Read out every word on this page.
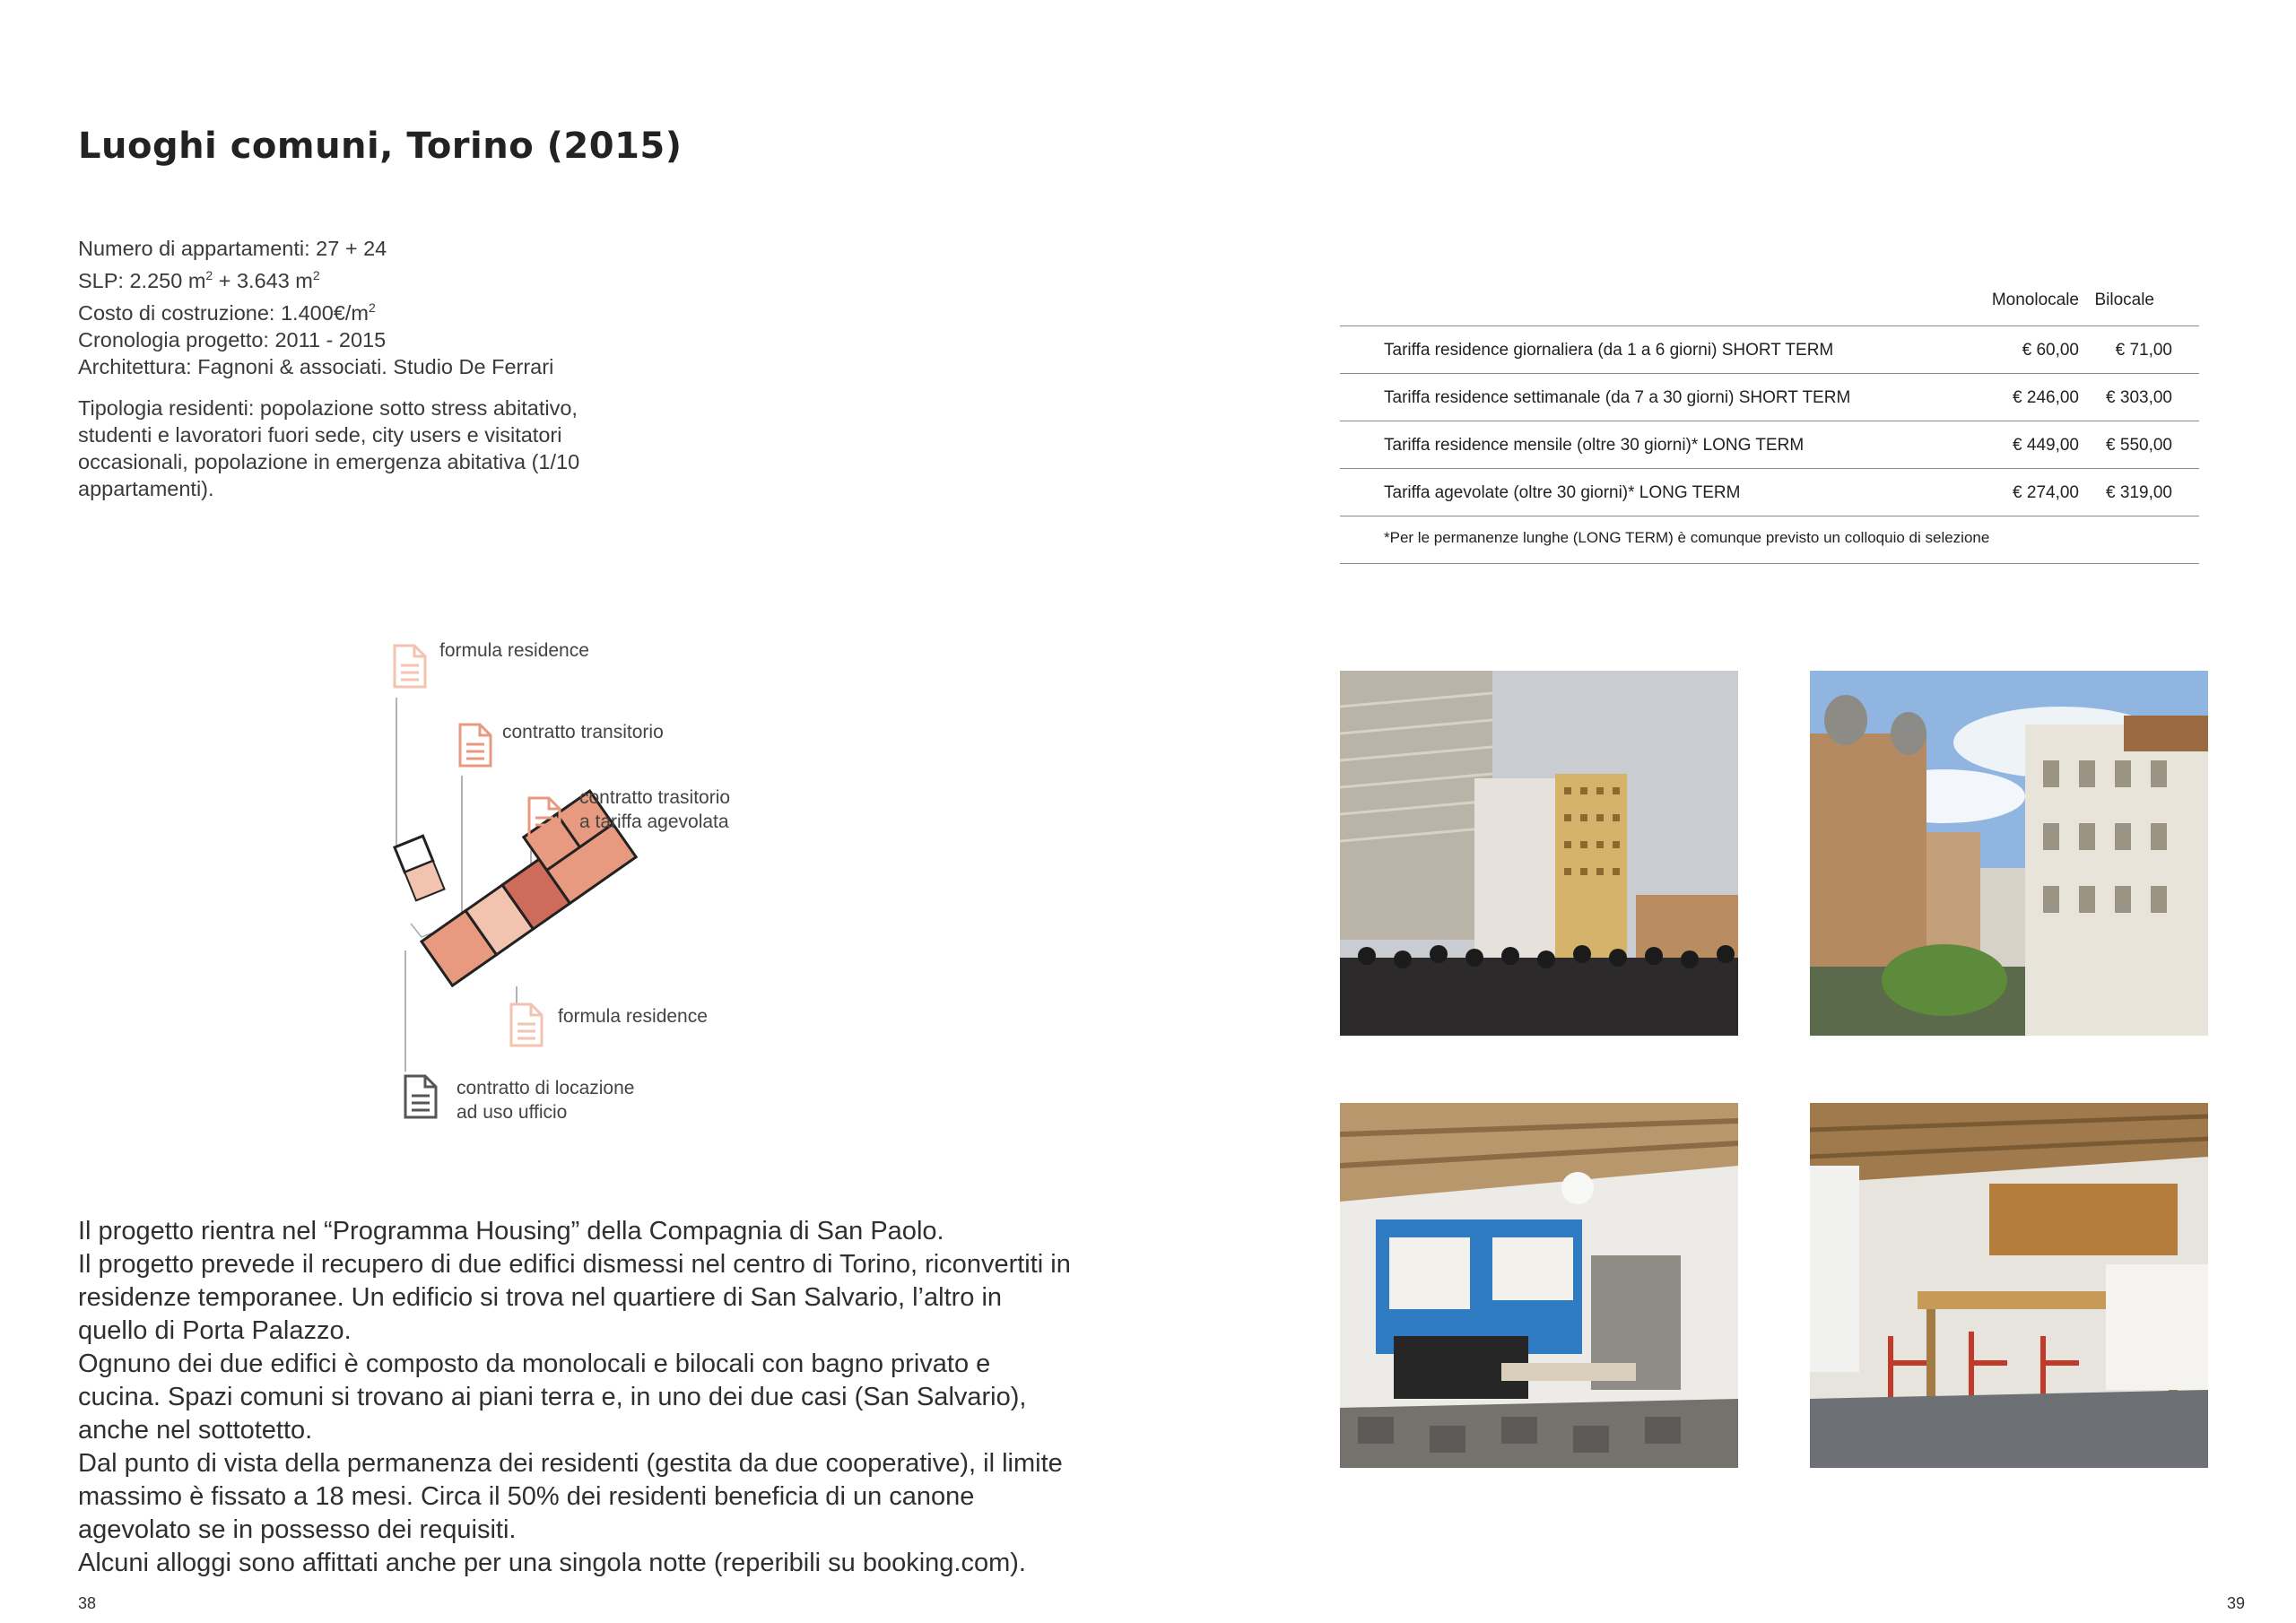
Luoghi comuni, Torino (2015)
Numero di appartamenti: 27 + 24
SLP: 2.250 $m^2 + 3.643$ $m^2$
Costo di costruzione: $1.400€/m^2$
Cronologia progetto: 2011 - 2015
Architettura: Fagnoni & associati. Studio De Ferrari

Tipologia residenti: popolazione sotto stress abitativo, studenti e lavoratori fuori sede, city users e visitatori occasionali, popolazione in emergenza abitativa (1/10 appartamenti).

Monolocale Bilocale
Tariffa residence giornaliera (da 1 a 6 giorni) SHORT TERM	€ 60,00 € 71,00
Tariffa residence settimanale (da 7 a 30 giorni) SHORT TERM	€ 246,00 € 303,00
Tariffa residence mensile (oltre 30 giorni)* LONG TERM	€ 449,00 € 550,00
Tariffa agevolate (oltre 30 giorni)* LONG TERM	€ 274,00 € 319,00
*Per le permanenze lunghe (LONG TERM) è comunque previsto un colloquio di selezione
formula residence
contratto transitorio
contratto trasitorio
a tariffa agevolata
formula residence
contratto di locazione
ad uso ufficio

Il progetto rientra nel “Programma Housing” della Compagnia di San Paolo.

Il progetto prevede il recupero di due edifici dismessi nel centro di Torino, riconvertiti in residenze temporanee. Un edificio si trova nel quartiere di San Salvario, l’altro in quello di Porta Palazzo.

Ognuno dei due edifici è composto da monolocali e bilocali con bagno privato e cucina. Spazi comuni si trovano ai piani terra e, in uno dei due casi (San Salvario), anche nel sottotetto.

Dal punto di vista della permanenza dei residenti (gestita da due cooperative), il limite massimo è fissato a 18 mesi. Circa il 50% dei residenti beneficia di un canone agevolato se in possesso dei requisiti.

Alcuni alloggi sono affittati anche per una singola notte (reperibili su booking.com).

38	39
